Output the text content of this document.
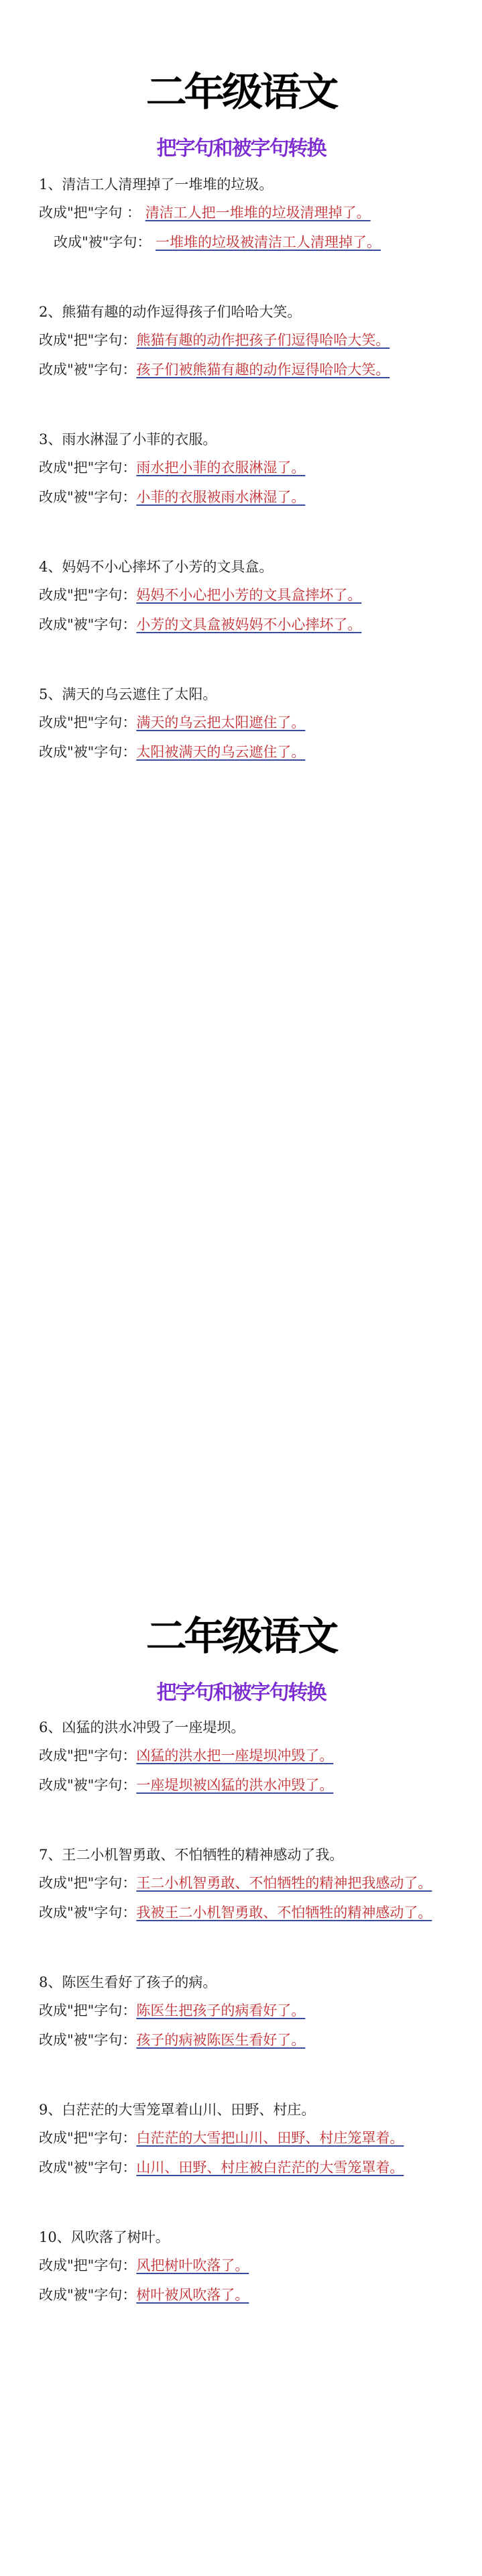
二年级语文
把字句和被字句转换
1、清洁工人清理掉了一堆堆的垃圾。
改成"把"字句 ： 清洁工人把一堆堆的垃圾清理掉了。
改成"被"字句： 一堆堆的垃圾被清洁工人清理掉了。
2、熊猫有趣的动作逗得孩子们哈哈大笑。
改成"把"字句：熊猫有趣的动作把孩子们逗得哈哈大笑。
改成"被"字句：孩子们被熊猫有趣的动作逗得哈哈大笑。
3、雨水淋湿了小菲的衣服。
改成"把"字句：雨水把小菲的衣服淋湿了。
改成"被"字句：小菲的衣服被雨水淋湿了。
4、妈妈不小心摔坏了小芳的文具盒。
改成"把"字句：妈妈不小心把小芳的文具盒摔坏了。
改成"被"字句：小芳的文具盒被妈妈不小心摔坏了。
5、满天的乌云遮住了太阳。
改成"把"字句：满天的乌云把太阳遮住了。
改成"被"字句：太阳被满天的乌云遮住了。
二年级语文
把字句和被字句转换
6、凶猛的洪水冲毁了一座堤坝。
改成"把"字句：凶猛的洪水把一座堤坝冲毁了。
改成"被"字句：一座堤坝被凶猛的洪水冲毁了。
7、王二小机智勇敢、不怕牺牲的精神感动了我。
改成"把"字句：王二小机智勇敢、不怕牺牲的精神把我感动了。
改成"被"字句：我被王二小机智勇敢、不怕牺牲的精神感动了。
8、陈医生看好了孩子的病。
改成"把"字句：陈医生把孩子的病看好了。
改成"被"字句：孩子的病被陈医生看好了。
9、白茫茫的大雪笼罩着山川、田野、村庄。
改成"把"字句：白茫茫的大雪把山川、田野、村庄笼罩着。
改成"被"字句：山川、田野、村庄被白茫茫的大雪笼罩着。
10、风吹落了树叶。
改成"把"字句：风把树叶吹落了。
改成"被"字句：树叶被风吹落了。
